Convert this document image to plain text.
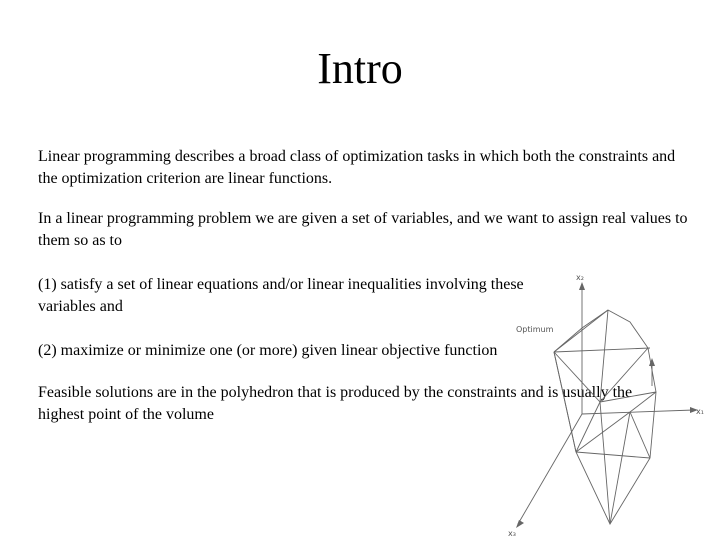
Intro

Linear programming describes a broad class of optimization tasks in which both the constraints and the optimization criterion are linear functions.

In a linear programming problem we are given a set of variables, and we want to assign real values to them so as to

(1) satisfy a set of linear equations and/or linear inequalities involving these variables and

(2) maximize or minimize one (or more) given linear objective function

Feasible solutions are in the polyhedron that is produced by the constraints and is usually the highest point of the volume

Optimum
x₂
x₁
x₃
